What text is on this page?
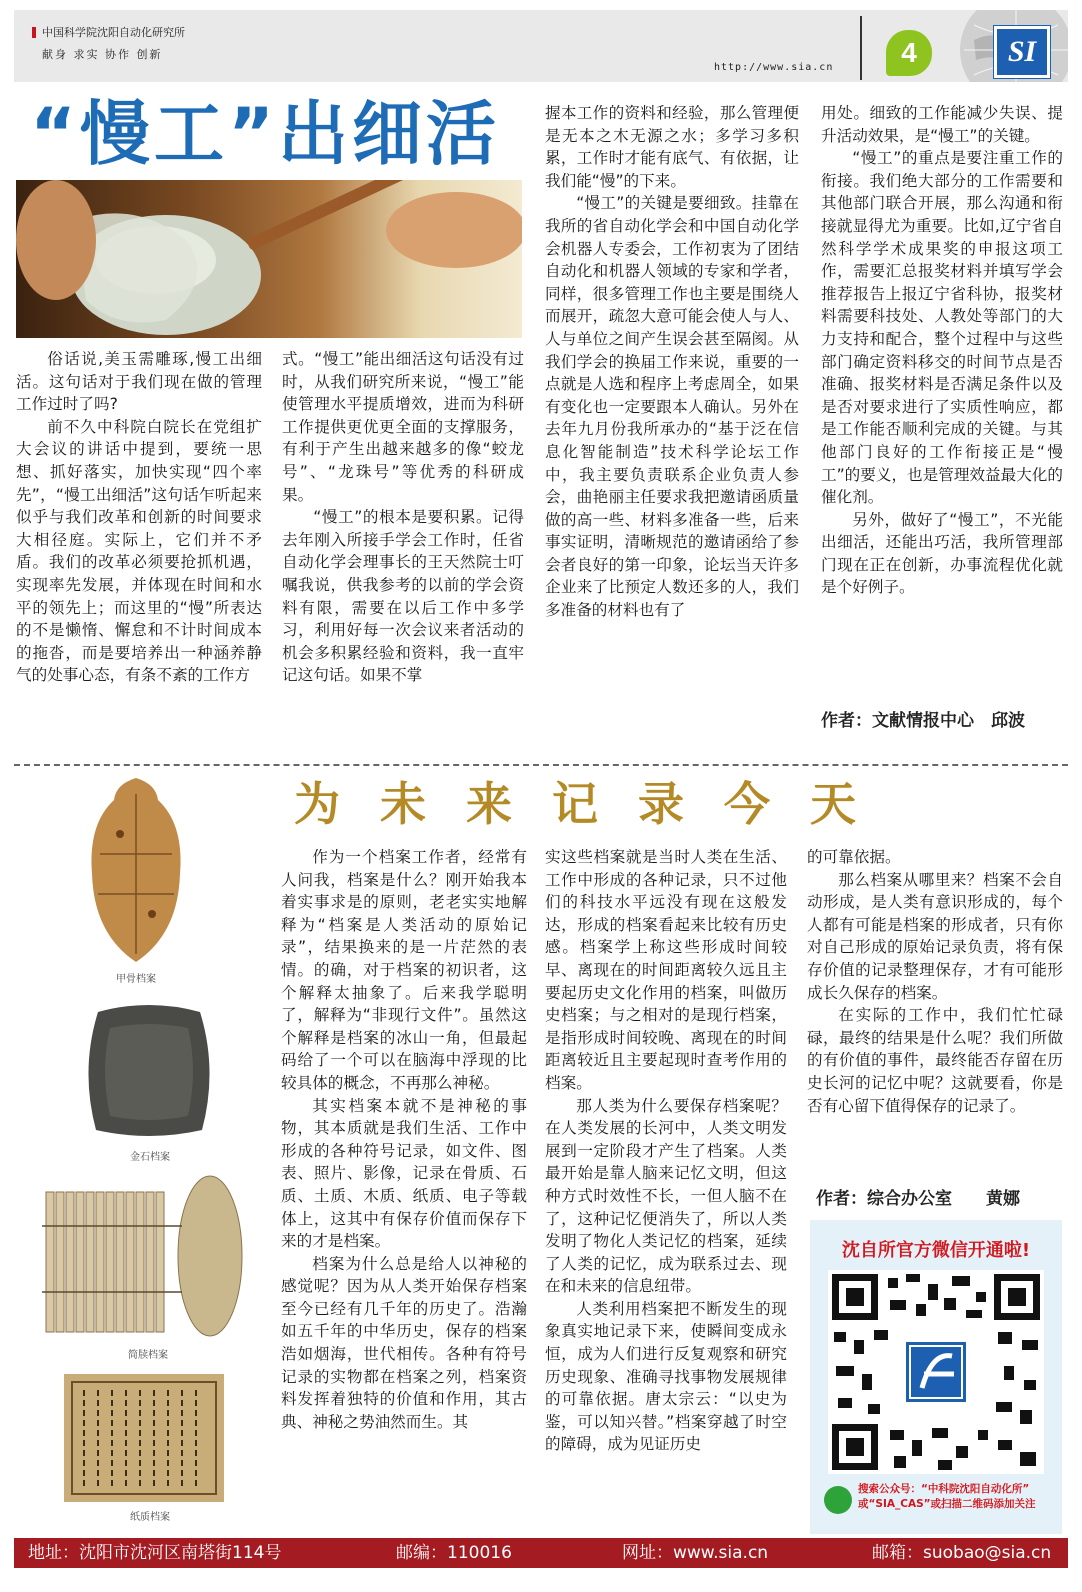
中国科学院沈阳自动化研究所
献身 求实 协作 创新
http://www.sia.cn	4	SI
“慢工”出细活

俗话说,美玉需雕琢,慢工出细活。这句话对于我们现在做的管理工作过时了吗?

前不久中科院白院长在党组扩大会议的讲话中提到，要统一思想、抓好落实，加快实现“四个率先”，“慢工出细活”这句话乍听起来似乎与我们改革和创新的时间要求大相径庭。实际上，它们并不矛盾。我们的改革必须要抢抓机遇，实现率先发展，并体现在时间和水平的领先上；而这里的“慢”所表达的不是懒惰、懈怠和不计时间成本的拖沓，而是要培养出一种涵养静气的处事心态，有条不紊的工作方

式。“慢工”能出细活这句话没有过时，从我们研究所来说，“慢工”能使管理水平提质增效，进而为科研工作提供更优更全面的支撑服务，有利于产生出越来越多的像“蛟龙号”、“龙珠号”等优秀的科研成果。

“慢工”的根本是要积累。记得去年刚入所接手学会工作时，任省自动化学会理事长的王天然院士叮嘱我说，供我参考的以前的学会资料有限，需要在以后工作中多学习，利用好每一次会议来者活动的机会多积累经验和资料，我一直牢记这句话。如果不掌

握本工作的资料和经验，那么管理便是无本之木无源之水；多学习多积累，工作时才能有底气、有依据，让我们能“慢”的下来。

“慢工”的关键是要细致。挂靠在我所的省自动化学会和中国自动化学会机器人专委会，工作初衷为了团结自动化和机器人领域的专家和学者，同样，很多管理工作也主要是围绕人而展开，疏忽大意可能会使人与人、人与单位之间产生误会甚至隔阂。从我们学会的换届工作来说，重要的一点就是人选和程序上考虑周全，如果有变化也一定要跟本人确认。另外在去年九月份我所承办的“基于泛在信息化智能制造”技术科学论坛工作中，我主要负责联系企业负责人参会，曲艳丽主任要求我把邀请函质量做的高一些、材料多准备一些，后来事实证明，清晰规范的邀请函给了参会者良好的第一印象，论坛当天许多企业来了比预定人数还多的人，我们多准备的材料也有了

用处。细致的工作能减少失误、提升活动效果，是“慢工”的关键。

“慢工”的重点是要注重工作的衔接。我们绝大部分的工作需要和其他部门联合开展，那么沟通和衔接就显得尤为重要。比如,辽宁省自然科学学术成果奖的申报这项工作，需要汇总报奖材料并填写学会推荐报告上报辽宁省科协，报奖材料需要科技处、人教处等部门的大力支持和配合，整个过程中与这些部门确定资料移交的时间节点是否准确、报奖材料是否满足条件以及是否对要求进行了实质性响应，都是工作能否顺利完成的关键。与其他部门良好的工作衔接正是“慢工”的要义，也是管理效益最大化的催化剂。

另外，做好了“慢工”，不光能出细活，还能出巧活，我所管理部门现在正在创新，办事流程优化就是个好例子。

作者：文献情报中心　邱波
为未来记录今天
甲骨档案
金石档案
简牍档案
纸质档案

作为一个档案工作者，经常有人问我，档案是什么？刚开始我本着实事求是的原则，老老实实地解释为“档案是人类活动的原始记录”，结果换来的是一片茫然的表情。的确，对于档案的初识者，这个解释太抽象了。后来我学聪明了，解释为“非现行文件”。虽然这个解释是档案的冰山一角，但最起码给了一个可以在脑海中浮现的比较具体的概念，不再那么神秘。

其实档案本就不是神秘的事物，其本质就是我们生活、工作中形成的各种符号记录，如文件、图表、照片、影像，记录在骨质、石质、土质、木质、纸质、电子等载体上，这其中有保存价值而保存下来的才是档案。

档案为什么总是给人以神秘的感觉呢？因为从人类开始保存档案至今已经有几千年的历史了。浩瀚如五千年的中华历史，保存的档案浩如烟海，世代相传。各种有符号记录的实物都在档案之列，档案资料发挥着独特的价值和作用，其古典、神秘之势油然而生。其

实这些档案就是当时人类在生活、工作中形成的各种记录，只不过他们的科技水平远没有现在这般发达，形成的档案看起来比较有历史感。档案学上称这些形成时间较早、离现在的时间距离较久远且主要起历史文化作用的档案，叫做历史档案；与之相对的是现行档案，是指形成时间较晚、离现在的时间距离较近且主要起现时查考作用的档案。

那人类为什么要保存档案呢？在人类发展的长河中，人类文明发展到一定阶段才产生了档案。人类最开始是靠人脑来记忆文明，但这种方式时效性不长，一但人脑不在了，这种记忆便消失了，所以人类发明了物化人类记忆的档案，延续了人类的记忆，成为联系过去、现在和未来的信息纽带。

人类利用档案把不断发生的现象真实地记录下来，使瞬间变成永恒，成为人们进行反复观察和研究历史现象、准确寻找事物发展规律的可靠依据。唐太宗云：“以史为鉴，可以知兴替。”档案穿越了时空的障碍，成为见证历史

的可靠依据。

那么档案从哪里来？档案不会自动形成，是人类有意识形成的，每个人都有可能是档案的形成者，只有你对自己形成的原始记录负责，将有保存价值的记录整理保存，才有可能形成长久保存的档案。

在实际的工作中，我们忙忙碌碌，最终的结果是什么呢？我们所做的有价值的事件，最终能否存留在历史长河的记忆中呢？这就要看，你是否有心留下值得保存的记录了。

作者：综合办公室　　黄娜
沈自所官方微信开通啦!
搜索公众号：“中科院沈阳自动化所”
或“SIA_CAS”或扫描二维码添加关注
地址：沈阳市沈河区南塔街114号	邮编：110016	网址：www.sia.cn	邮箱：suobao@sia.cn
